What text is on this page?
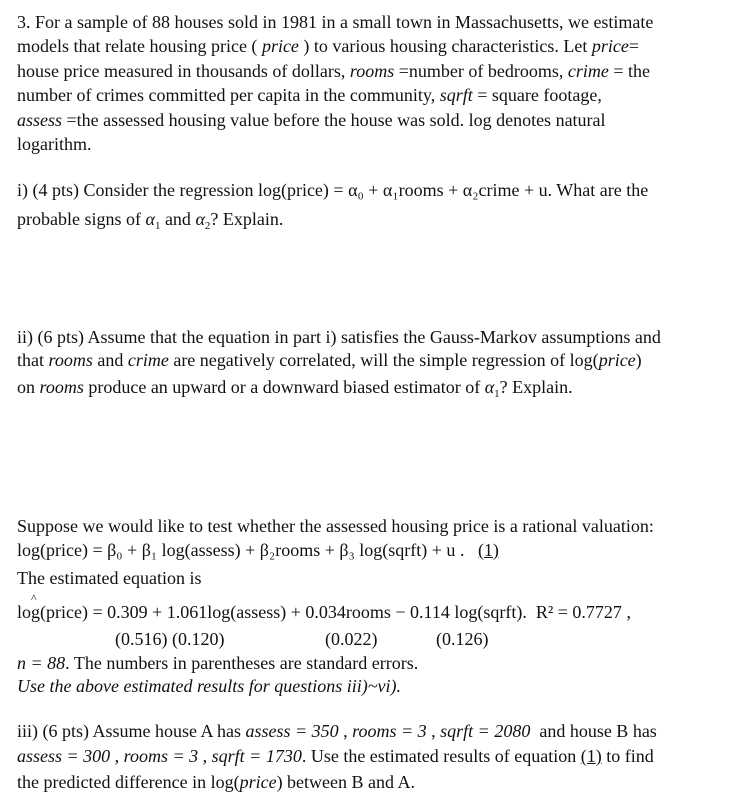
3. For a sample of 88 houses sold in 1981 in a small town in Massachusetts, we estimate
models that relate housing price ( price ) to various housing characteristics. Let price=
house price measured in thousands of dollars, rooms =number of bedrooms, crime = the
number of crimes committed per capita in the community, sqrft = square footage,
assess =the assessed housing value before the house was sold. log denotes natural
logarithm.
i) (4 pts) Consider the regression log(price) = α₀ + α₁rooms + α₂crime + u. What are the
probable signs of $\alpha_1$ and $\alpha_2$? Explain.
ii) (6 pts) Assume that the equation in part i) satisfies the Gauss-Markov assumptions and
that rooms and crime are negatively correlated, will the simple regression of log(price)
on rooms produce an upward or a downward biased estimator of $\alpha_1$? Explain.
Suppose we would like to test whether the assessed housing price is a rational valuation:
log(price) = β₀ + β₁ log(assess) + β₂rooms + β₃ log(sqrft) + u .   (1)
The estimated equation is
^
log(price) = 0.309 + 1.061log(assess) + 0.034rooms − 0.114 log(sqrft).  R² = 0.7727 ,
(0.516) (0.120)	(0.022)	(0.126)
n = 88. The numbers in parentheses are standard errors.
Use the above estimated results for questions iii)~vi).
iii) (6 pts) Assume house A has assess = 350 , rooms = 3 , sqrft = 2080 and house B has
assess = 300 , rooms = 3 , sqrft = 1730. Use the estimated results of equation (1) to find
the predicted difference in log(price) between B and A.
